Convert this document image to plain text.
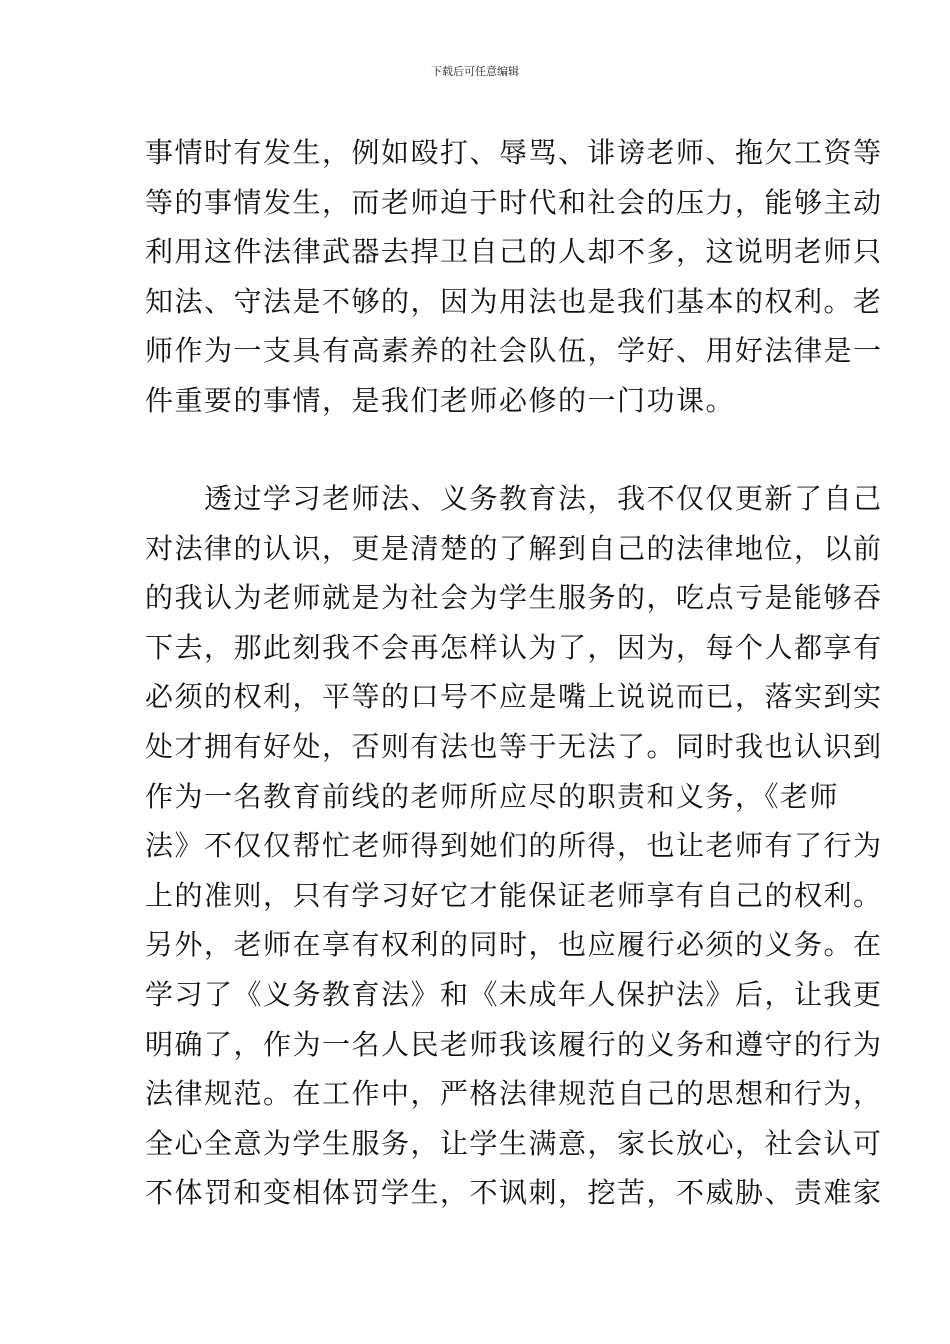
下载后可任意编辑
事情时有发生，例如殴打、辱骂、诽谤老师、拖欠工资等
等的事情发生，而老师迫于时代和社会的压力，能够主动
利用这件法律武器去捍卫自己的人却不多，这说明老师只
知法、守法是不够的，因为用法也是我们基本的权利。老
师作为一支具有高素养的社会队伍，学好、用好法律是一
件重要的事情，是我们老师必修的一门功课。
　　透过学习老师法、义务教育法，我不仅仅更新了自己
对法律的认识，更是清楚的了解到自己的法律地位，以前
的我认为老师就是为社会为学生服务的，吃点亏是能够吞
下去，那此刻我不会再怎样认为了，因为，每个人都享有
必须的权利，平等的口号不应是嘴上说说而已，落实到实
处才拥有好处，否则有法也等于无法了。同时我也认识到
作为一名教育前线的老师所应尽的职责和义务，《老师
法》不仅仅帮忙老师得到她们的所得，也让老师有了行为
上的准则，只有学习好它才能保证老师享有自己的权利。
另外，老师在享有权利的同时，也应履行必须的义务。在
学习了《义务教育法》和《未成年人保护法》后，让我更
明确了，作为一名人民老师我该履行的义务和遵守的行为
法律规范。在工作中，严格法律规范自己的思想和行为，
全心全意为学生服务，让学生满意，家长放心，社会认可
不体罚和变相体罚学生，不讽刺，挖苦，不威胁、责难家
